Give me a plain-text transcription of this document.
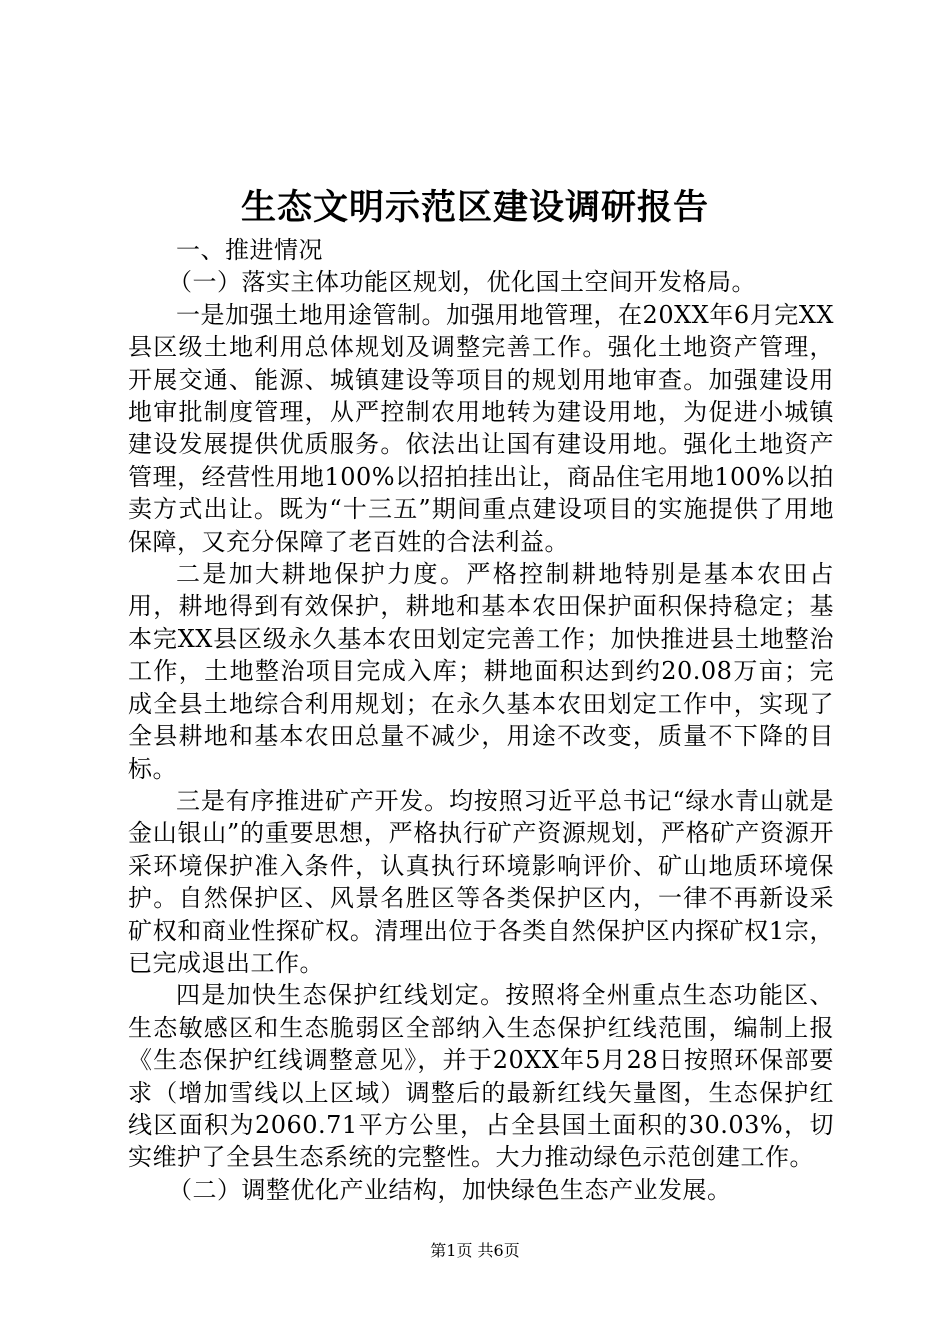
生态文明示范区建设调研报告

一、推进情况

（一）落实主体功能区规划，优化国土空间开发格局。

一是加强土地用途管制。加强用地管理，在20XX年6月完XX县区级土地利用总体规划及调整完善工作。强化土地资产管理，开展交通、能源、城镇建设等项目的规划用地审查。加强建设用地审批制度管理，从严控制农用地转为建设用地，为促进小城镇建设发展提供优质服务。依法出让国有建设用地。强化土地资产管理，经营性用地100%以招拍挂出让，商品住宅用地100%以拍卖方式出让。既为“十三五”期间重点建设项目的实施提供了用地保障，又充分保障了老百姓的合法利益。

二是加大耕地保护力度。严格控制耕地特别是基本农田占用，耕地得到有效保护，耕地和基本农田保护面积保持稳定；基本完XX县区级永久基本农田划定完善工作；加快推进县土地整治工作，土地整治项目完成入库；耕地面积达到约20.08万亩；完成全县土地综合利用规划；在永久基本农田划定工作中，实现了全县耕地和基本农田总量不减少，用途不改变，质量不下降的目标。

三是有序推进矿产开发。均按照习近平总书记“绿水青山就是金山银山”的重要思想，严格执行矿产资源规划，严格矿产资源开采环境保护准入条件，认真执行环境影响评价、矿山地质环境保护。自然保护区、风景名胜区等各类保护区内，一律不再新设采矿权和商业性探矿权。清理出位于各类自然保护区内探矿权1宗，已完成退出工作。

四是加快生态保护红线划定。按照将全州重点生态功能区、生态敏感区和生态脆弱区全部纳入生态保护红线范围，编制上报《生态保护红线调整意见》，并于20XX年5月28日按照环保部要求（增加雪线以上区域）调整后的最新红线矢量图，生态保护红线区面积为2060.71平方公里，占全县国土面积的30.03%，切实维护了全县生态系统的完整性。大力推动绿色示范创建工作。

（二）调整优化产业结构，加快绿色生态产业发展。

第1页 共6页
